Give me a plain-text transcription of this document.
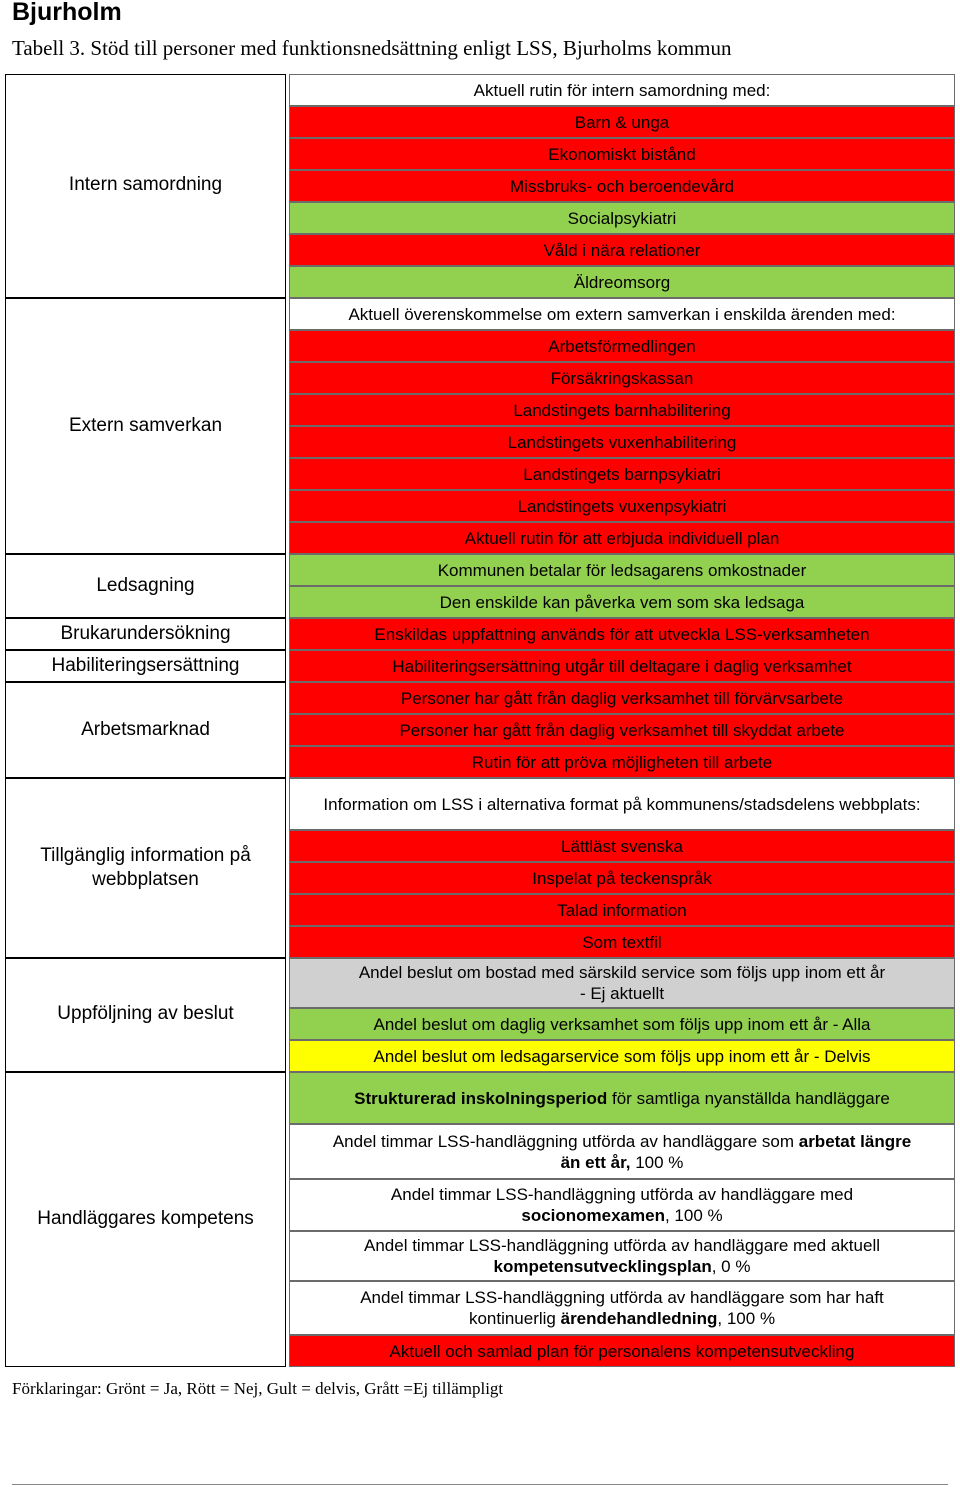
Bjurholm
Tabell 3. Stöd till personer med funktionsnedsättning enligt LSS, Bjurholms kommun
Intern samordning
Extern samverkan
Ledsagning
Brukarundersökning
Habiliteringsersättning
Arbetsmarknad
Tillgänglig information på
webbplatsen
Uppföljning av beslut
Handläggares kompetens
Aktuell rutin för intern samordning med:
Barn & unga
Ekonomiskt bistånd
Missbruks- och beroendevård
Socialpsykiatri
Våld i nära relationer
Äldreomsorg
Aktuell överenskommelse om extern samverkan i enskilda ärenden med:
Arbetsförmedlingen
Försäkringskassan
Landstingets barnhabilitering
Landstingets vuxenhabilitering
Landstingets barnpsykiatri
Landstingets vuxenpsykiatri
Aktuell rutin för att erbjuda individuell plan
Kommunen betalar för ledsagarens omkostnader
Den enskilde kan påverka vem som ska ledsaga
Enskildas uppfattning används för att utveckla LSS-verksamheten
Habiliteringsersättning utgår till deltagare i daglig verksamhet
Personer har gått från daglig verksamhet till förvärvsarbete
Personer har gått från daglig verksamhet till skyddat arbete
Rutin för att pröva möjligheten till arbete
Information om LSS i alternativa format på kommunens/stadsdelens webbplats:
Lättläst svenska
Inspelat på teckenspråk
Talad information
Som textfil
Andel beslut om bostad med särskild service som följs upp inom ett år
- Ej aktuellt
Andel beslut om daglig verksamhet som följs upp inom ett år - Alla
Andel beslut om ledsagarservice som följs upp inom ett år - Delvis
Strukturerad inskolningsperiod för samtliga nyanställda handläggare
Andel timmar LSS-handläggning utförda av handläggare som arbetat längre
än ett år, 100 %
Andel timmar LSS-handläggning utförda av handläggare med
socionomexamen, 100 %
Andel timmar LSS-handläggning utförda av handläggare med aktuell
kompetensutvecklingsplan, 0 %
Andel timmar LSS-handläggning utförda av handläggare som har haft
kontinuerlig ärendehandledning, 100 %
Aktuell och samlad plan för personalens kompetensutveckling
Förklaringar: Grönt = Ja, Rött = Nej, Gult = delvis, Grått =Ej tillämpligt
